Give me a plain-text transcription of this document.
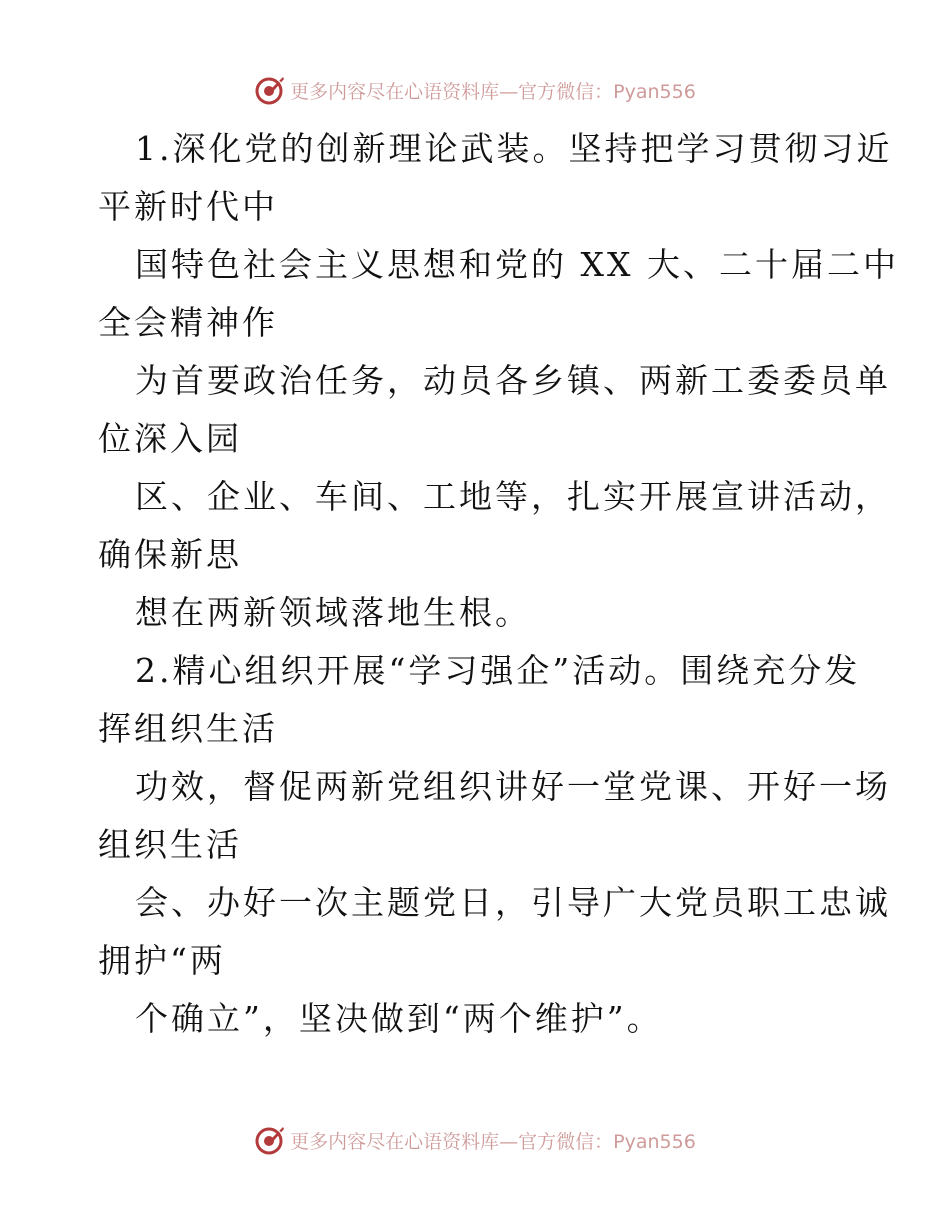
更多内容尽在心语资料库—官方微信：Pyan556
1.深化党的创新理论武装。坚持把学习贯彻习近
平新时代中
国特色社会主义思想和党的 XX 大、二十届二中
全会精神作
为首要政治任务，动员各乡镇、两新工委委员单
位深入园
区、企业、车间、工地等，扎实开展宣讲活动，
确保新思
想在两新领域落地生根。
2.精心组织开展“学习强企”活动。围绕充分发
挥组织生活
功效，督促两新党组织讲好一堂党课、开好一场
组织生活
会、办好一次主题党日，引导广大党员职工忠诚
拥护“两
个确立”，坚决做到“两个维护”。
更多内容尽在心语资料库—官方微信：Pyan556
